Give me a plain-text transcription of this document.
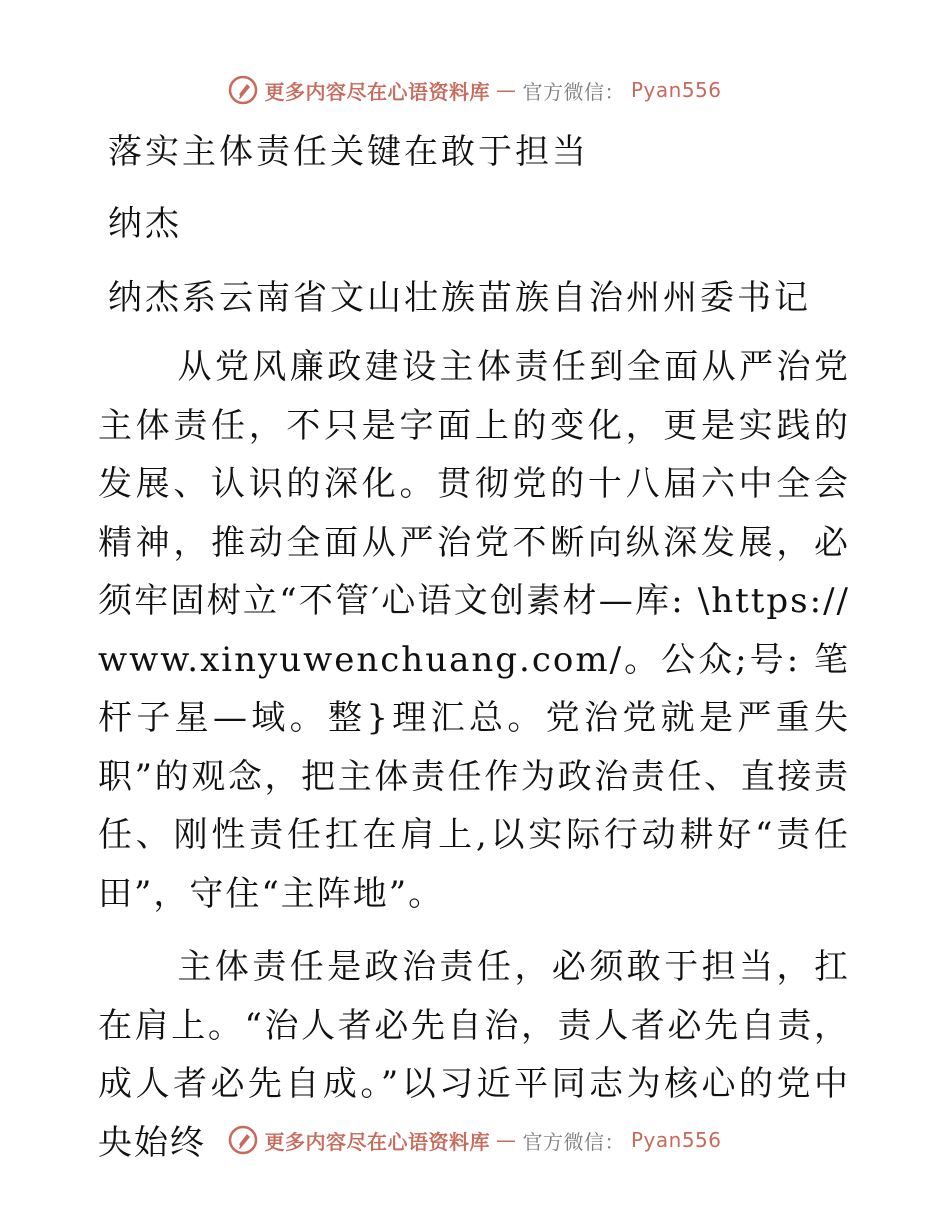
更多内容尽在心语资料库 — 官方微信： Pyan556
落实主体责任关键在敢于担当
纳杰
纳杰系云南省文山壮族苗族自治州州委书记
从党风廉政建设主体责任到全面从严治党主体责任，不只是字面上的变化，更是实践的发展、认识的深化。贯彻党的十八届六中全会精神，推动全面从严治党不断向纵深发展，必须牢固树立“不管′心语文创素材—库: \https://www.xinyuwenchuang.com/。公众;号: 笔杆子星—域。整}理汇总。党治党就是严重失职”的观念，把主体责任作为政治责任、直接责任、刚性责任扛在肩上,以实际行动耕好“责任田”，守住“主阵地”。
主体责任是政治责任，必须敢于担当，扛在肩上。“治人者必先自治，责人者必先自责，成人者必先自成。”以习近平同志为核心的党中央始终	更多内容尽在心语资料库 — 官方微信： Pyan556
